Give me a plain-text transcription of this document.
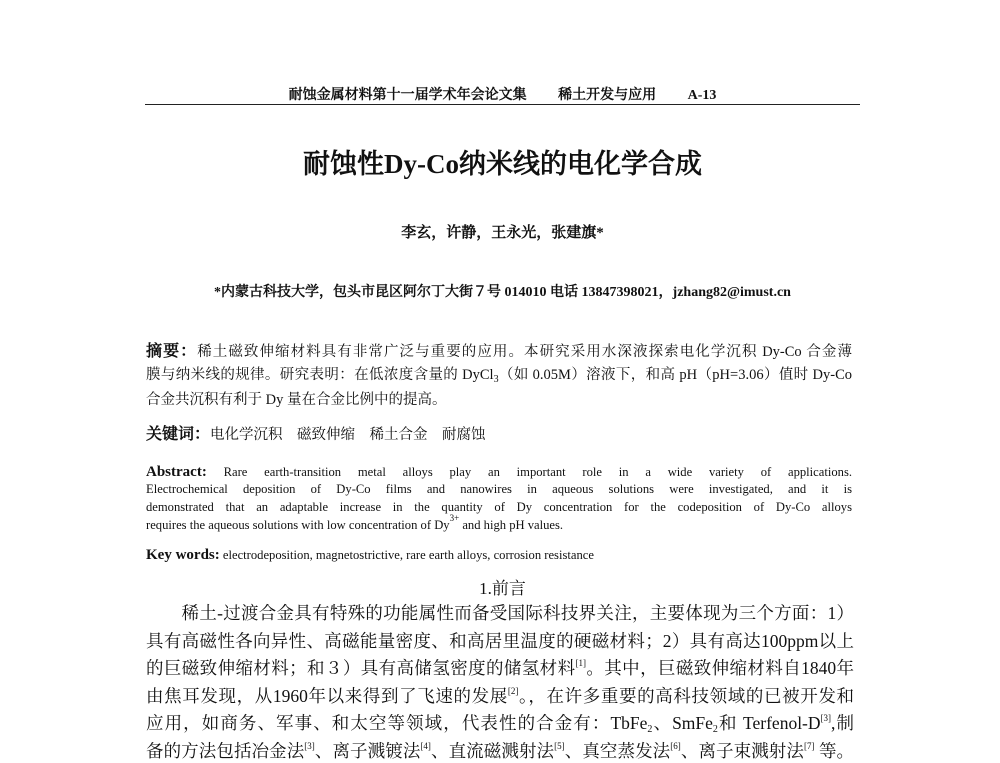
耐蚀金属材料第十一届学术年会论文集 稀土开发与应用 A-13
耐蚀性Dy-Co纳米线的电化学合成
李玄，许静，王永光，张建旗*
*内蒙古科技大学，包头市昆区阿尔丁大街７号 014010 电话 13847398021，jzhang82@imust.cn
摘要：稀土磁致伸缩材料具有非常广泛与重要的应用。本研究采用水深液探索电化学沉积 Dy-Co 合金薄
膜与纳米线的规律。研究表明：在低浓度含量的 DyCl$_3$（如 0.05M）溶液下，和高 pH（pH=3.06）值时 Dy-Co
合金共沉积有利于 Dy 量在合金比例中的提高。
关键词：电化学沉积　磁致伸缩　稀土合金　耐腐蚀
Abstract: Rare earth-transition metal alloys play an important role in a wide variety of applications.
Electrochemical deposition of Dy-Co films and nanowires in aqueous solutions were investigated, and it is
demonstrated that an adaptable increase in the quantity of Dy concentration for the codeposition of Dy-Co alloys
requires the aqueous solutions with low concentration of $Dy^{3+}$ and high pH values.
Key words: electrodeposition, magnetostrictive, rare earth alloys, corrosion resistance
1.前言
　　稀土-过渡合金具有特殊的功能属性而备受国际科技界关注，主要体现为三个方面：1）
具有高磁性各向异性、高磁能量密度、和高居里温度的硬磁材料；2）具有高达100ppm以上
的巨磁致伸缩材料；和３）具有高储氢密度的储氢材料[1]。其中，巨磁致伸缩材料自1840年
由焦耳发现，从1960年以来得到了飞速的发展[2]。，在许多重要的高科技领域的已被开发和
应用，如商务、军事、和太空等领域，代表性的合金有：TbFe$_2$、SmFe$_2$和 Terfenol-D[3],制
备的方法包括冶金法[3]、离子溅镀法[4]、直流磁溅射法[5]、真空蒸发法[6]、离子束溅射法[7] 等。
